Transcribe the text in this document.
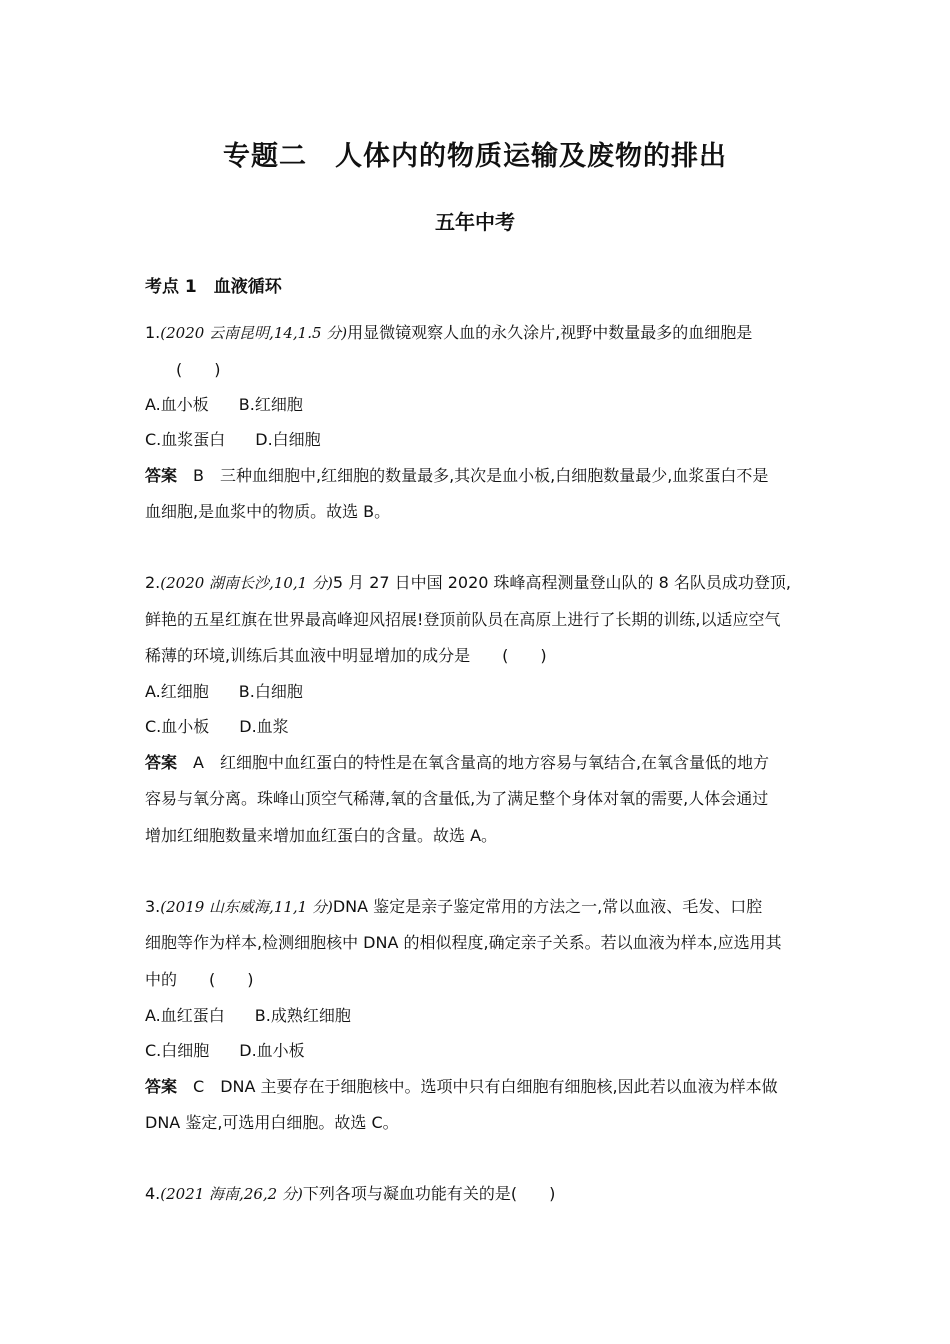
专题二　人体内的物质运输及废物的排出
五年中考
考点 1　血液循环
1.(2020 云南昆明,14,1.5 分)用显微镜观察人血的永久涂片,视野中数量最多的血细胞是
(　　)
A.血小板 B.红细胞
C.血浆蛋白 D.白细胞
答案 B 三种血细胞中,红细胞的数量最多,其次是血小板,白细胞数量最少,血浆蛋白不是
血细胞,是血浆中的物质。故选 B。
2.(2020 湖南长沙,10,1 分)5 月 27 日中国 2020 珠峰高程测量登山队的 8 名队员成功登顶,
鲜艳的五星红旗在世界最高峰迎风招展!登顶前队员在高原上进行了长期的训练,以适应空气
稀薄的环境,训练后其血液中明显增加的成分是　　(　　)
A.红细胞 B.白细胞
C.血小板 D.血浆
答案 A 红细胞中血红蛋白的特性是在氧含量高的地方容易与氧结合,在氧含量低的地方
容易与氧分离。珠峰山顶空气稀薄,氧的含量低,为了满足整个身体对氧的需要,人体会通过
增加红细胞数量来增加血红蛋白的含量。故选 A。
3.(2019 山东威海,11,1 分)DNA 鉴定是亲子鉴定常用的方法之一,常以血液、毛发、口腔
细胞等作为样本,检测细胞核中 DNA 的相似程度,确定亲子关系。若以血液为样本,应选用其
中的　　(　　)
A.血红蛋白 B.成熟红细胞
C.白细胞 D.血小板
答案 C DNA 主要存在于细胞核中。选项中只有白细胞有细胞核,因此若以血液为样本做
DNA 鉴定,可选用白细胞。故选 C。
4.(2021 海南,26,2 分)下列各项与凝血功能有关的是(　　)
